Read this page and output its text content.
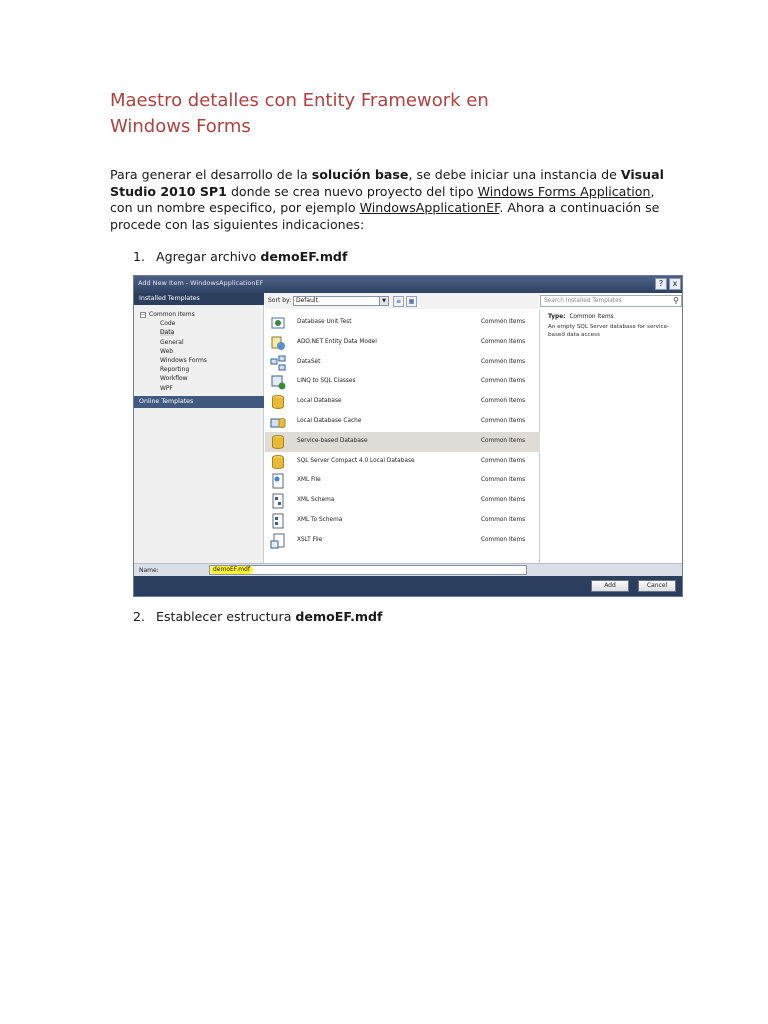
Maestro detalles con Entity Framework en
Windows Forms

Para generar el desarrollo de la solución base, se debe iniciar una instancia de Visual Studio 2010 SP1 donde se crea nuevo proyecto del tipo Windows Forms Application, con un nombre especifico, por ejemplo WindowsApplicationEF. Ahora a continuación se procede con las siguientes indicaciones:

1. Agregar archivo demoEF.mdf
Add New Item - WindowsApplicationEF	?	x
Installed Templates
− Common Items
Code
Data
General
Web
Windows Forms
Reporting
Workflow
WPF
Online Templates
Sort by: Default	▼	≡	▦	Search Installed Templates	⚲
Database Unit Test	Common Items
ADO.NET Entity Data Model	Common Items
DataSet	Common Items
LINQ to SQL Classes	Common Items
Local Database	Common Items
Local Database Cache	Common Items
Service-based Database	Common Items
SQL Server Compact 4.0 Local Database	Common Items
XML File	Common Items
XML Schema	Common Items
XML To Schema	Common Items
XSLT File	Common Items
Type: Common Items
An empty SQL Server database for service-based data access
Name:	demoEF.mdf
Add	Cancel
2. Establecer estructura demoEF.mdf
